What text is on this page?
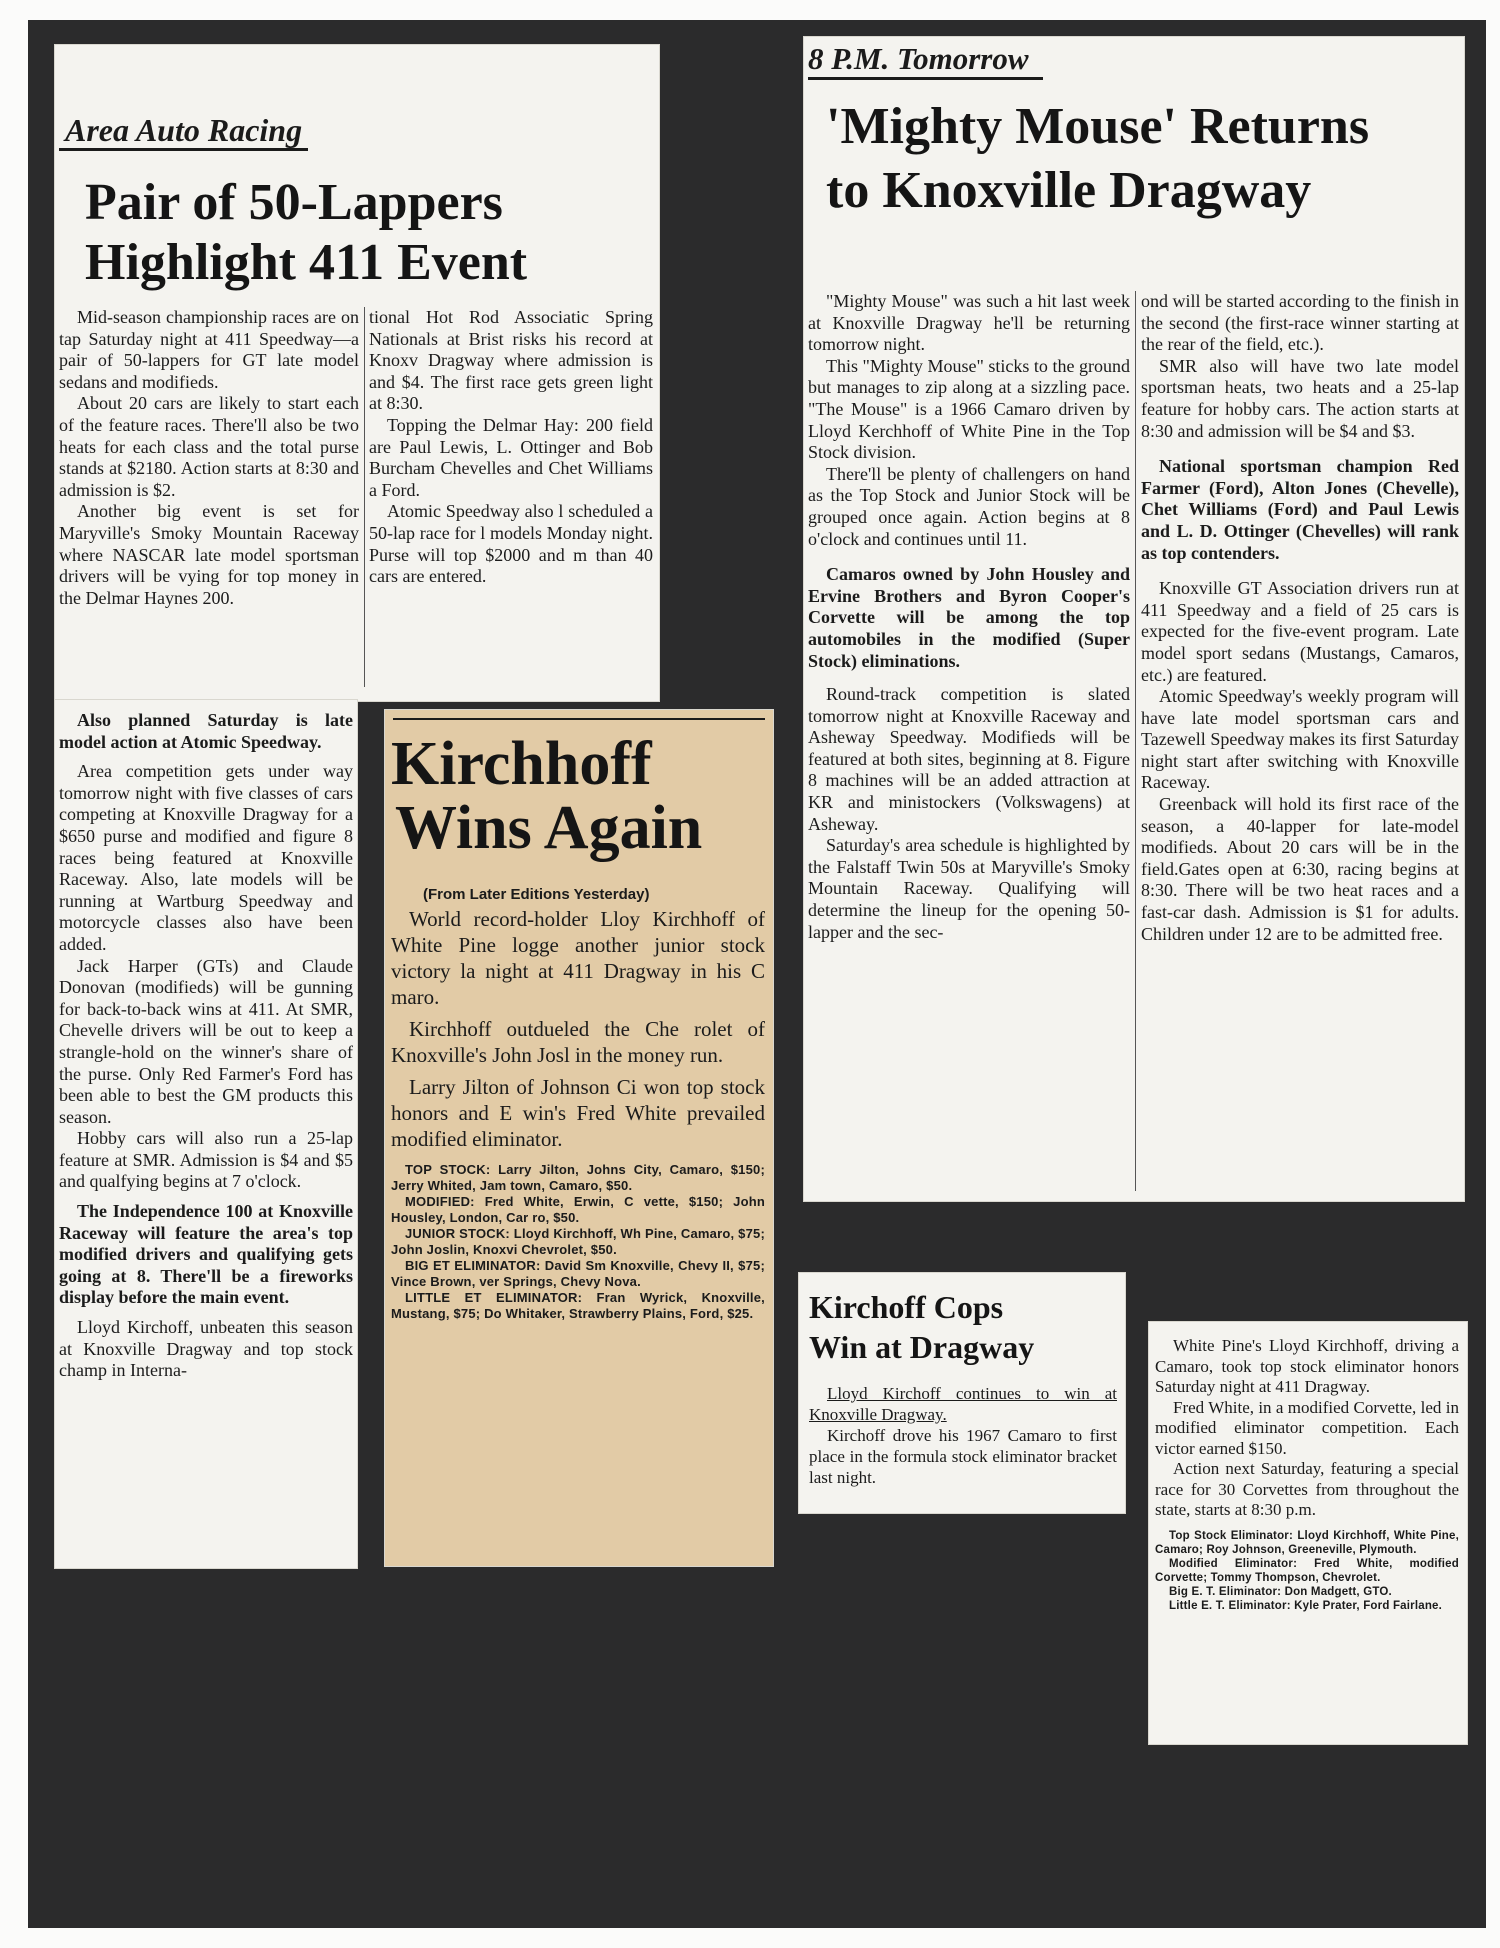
Area Auto Racing
Pair of 50-Lappers
Highlight 411 Event

Mid-season championship races are on tap Saturday night at 411 Speedway—a pair of 50-lappers for GT late model sedans and modifieds.

About 20 cars are likely to start each of the feature races. There'll also be two heats for each class and the total purse stands at $2180. Action starts at 8:30 and admission is $2.

Another big event is set for Maryville's Smoky Mountain Raceway where NASCAR late model sportsman drivers will be vying for top money in the Delmar Haynes 200.

tional Hot Rod Associatic Spring Nationals at Brist risks his record at Knoxv Dragway where admission is and $4. The first race gets green light at 8:30.

Topping the Delmar Hay: 200 field are Paul Lewis, L. Ottinger and Bob Burcham Chevelles and Chet Williams a Ford.

Atomic Speedway also l scheduled a 50-lap race for l models Monday night. Purse will top $2000 and m than 40 cars are entered.

Also planned Saturday is late model action at Atomic Speedway.

Area competition gets under way tomorrow night with five classes of cars competing at Knoxville Dragway for a $650 purse and modified and figure 8 races being featured at Knoxville Raceway. Also, late models will be running at Wartburg Speedway and motorcycle classes also have been added.

Jack Harper (GTs) and Claude Donovan (modifieds) will be gunning for back-to-back wins at 411. At SMR, Chevelle drivers will be out to keep a strangle-hold on the winner's share of the purse. Only Red Farmer's Ford has been able to best the GM products this season.

Hobby cars will also run a 25-lap feature at SMR. Admission is $4 and $5 and qualfying begins at 7 o'clock.

The Independence 100 at Knoxville Raceway will feature the area's top modified drivers and qualifying gets going at 8. There'll be a fireworks display before the main event.

Lloyd Kirchoff, unbeaten this season at Knoxville Dragway and top stock champ in Interna-

Kirchhoff
Wins Again
(From Later Editions Yesterday)

World record-holder Lloy Kirchhoff of White Pine logge another junior stock victory la night at 411 Dragway in his C maro.

Kirchhoff outdueled the Che rolet of Knoxville's John Josl in the money run.

Larry Jilton of Johnson Ci won top stock honors and E win's Fred White prevailed modified eliminator.

TOP STOCK: Larry Jilton, Johns City, Camaro, $150; Jerry Whited, Jam town, Camaro, $50.

MODIFIED: Fred White, Erwin, C vette, $150; John Housley, London, Car ro, $50.

JUNIOR STOCK: Lloyd Kirchhoff, Wh Pine, Camaro, $75; John Joslin, Knoxvi Chevrolet, $50.

BIG ET ELIMINATOR: David Sm Knoxville, Chevy II, $75; Vince Brown, ver Springs, Chevy Nova.

LITTLE ET ELIMINATOR: Fran Wyrick, Knoxville, Mustang, $75; Do Whitaker, Strawberry Plains, Ford, $25.

8 P.M. Tomorrow
'Mighty Mouse' Returns
to Knoxville Dragway

"Mighty Mouse" was such a hit last week at Knoxville Dragway he'll be returning tomorrow night.

This "Mighty Mouse" sticks to the ground but manages to zip along at a sizzling pace. "The Mouse" is a 1966 Camaro driven by Lloyd Kerchhoff of White Pine in the Top Stock division.

There'll be plenty of challengers on hand as the Top Stock and Junior Stock will be grouped once again. Action begins at 8 o'clock and continues until 11.

Camaros owned by John Housley and Ervine Brothers and Byron Cooper's Corvette will be among the top automobiles in the modified (Super Stock) eliminations.

Round-track competition is slated tomorrow night at Knoxville Raceway and Asheway Speedway. Modifieds will be featured at both sites, beginning at 8. Figure 8 machines will be an added attraction at KR and ministockers (Volkswagens) at Asheway.

Saturday's area schedule is highlighted by the Falstaff Twin 50s at Maryville's Smoky Mountain Raceway. Qualifying will determine the lineup for the opening 50-lapper and the sec-

ond will be started according to the finish in the second (the first-race winner starting at the rear of the field, etc.).

SMR also will have two late model sportsman heats, two heats and a 25-lap feature for hobby cars. The action starts at 8:30 and admission will be $4 and $3.

National sportsman champion Red Farmer (Ford), Alton Jones (Chevelle), Chet Williams (Ford) and Paul Lewis and L. D. Ottinger (Chevelles) will rank as top contenders.

Knoxville GT Association drivers run at 411 Speedway and a field of 25 cars is expected for the five-event program. Late model sport sedans (Mustangs, Camaros, etc.) are featured.

Atomic Speedway's weekly program will have late model sportsman cars and Tazewell Speedway makes its first Saturday night start after switching with Knoxville Raceway.

Greenback will hold its first race of the season, a 40-lapper for late-model modifieds. About 20 cars will be in the field.Gates open at 6:30, racing begins at 8:30. There will be two heat races and a fast-car dash. Admission is $1 for adults. Children under 12 are to be admitted free.

Kirchoff Cops
Win at Dragway

Lloyd Kirchoff continues to win at Knoxville Dragway.

Kirchoff drove his 1967 Camaro to first place in the formula stock eliminator bracket last night.

White Pine's Lloyd Kirchhoff, driving a Camaro, took top stock eliminator honors Saturday night at 411 Dragway.

Fred White, in a modified Corvette, led in modified eliminator competition. Each victor earned $150.

Action next Saturday, featuring a special race for 30 Corvettes from throughout the state, starts at 8:30 p.m.

Top Stock Eliminator: Lloyd Kirchhoff, White Pine, Camaro; Roy Johnson, Greeneville, Plymouth.

Modified Eliminator: Fred White, modified Corvette; Tommy Thompson, Chevrolet.

Big E. T. Eliminator: Don Madgett, GTO.

Little E. T. Eliminator: Kyle Prater, Ford Fairlane.
